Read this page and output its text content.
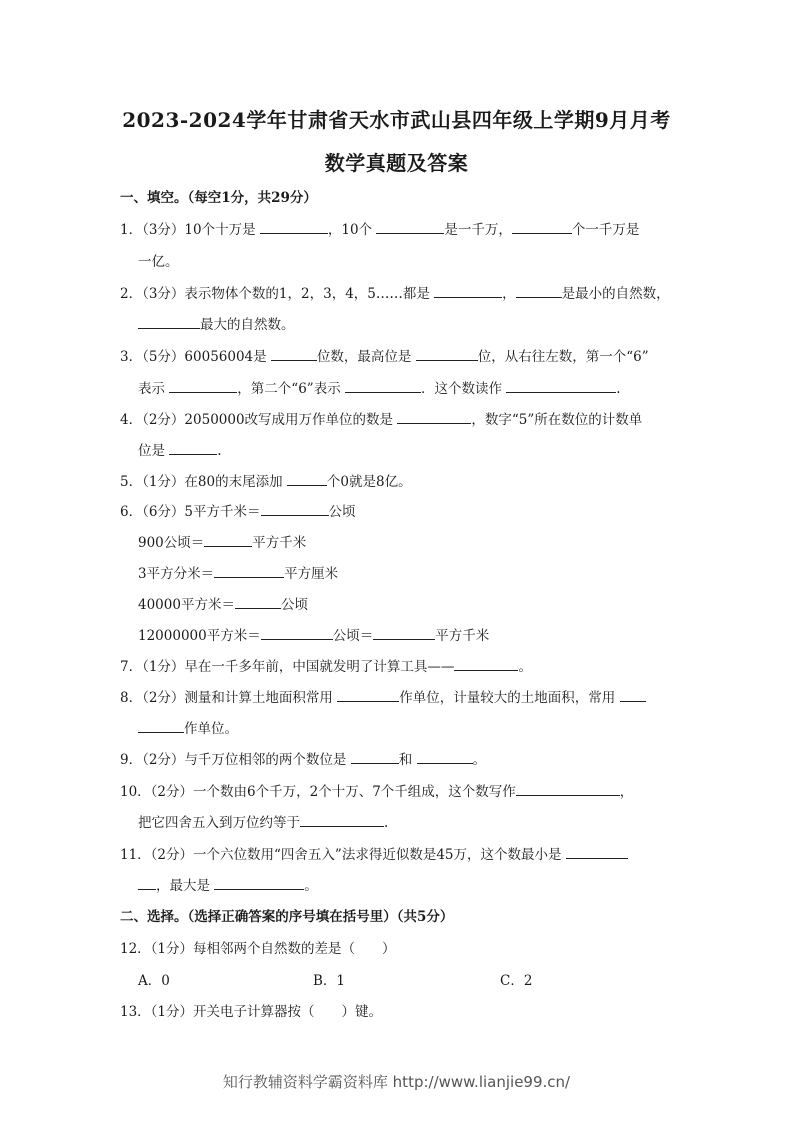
2023-2024学年甘肃省天水市武山县四年级上学期9月月考
数学真题及答案
一、填空。（每空1分，共29分）
1．（3分）10个十万是	，10个	是一千万，	个一千万是
一亿。
2．（3分）表示物体个数的1，2，3，4，5……都是	，	是最小的自然数，
最大的自然数。
3．（5分）60056004是	位数，最高位是	位，从右往左数，第一个“6”
表示	，第二个“6”表示	．这个数读作	.
4．（2分）2050000改写成用万作单位的数是	，数字“5”所在数位的计数单
位是	.
5．（1分）在80的末尾添加	个0就是8亿。
6．（6分）5平方千米＝	公顷
900公顷＝	平方千米
3平方分米＝	平方厘米
40000平方米＝	公顷
12000000平方米＝	公顷＝	平方千米
7．（1分）早在一千多年前，中国就发明了计算工具——	。
8．（2分）测量和计算土地面积常用	作单位，计量较大的土地面积，常用
作单位。
9．（2分）与千万位相邻的两个数位是	和	。
10．（2分）一个数由6个千万，2个十万、7个千组成，这个数写作	，
把它四舍五入到万位约等于	.
11．（2分）一个六位数用“四舍五入”法求得近似数是45万，这个数最小是
，最大是	。
二、选择。（选择正确答案的序号填在括号里）（共5分）
12．（1分）每相邻两个自然数的差是（　　）
A．0	B．1	C．2
13．（1分）开关电子计算器按（　　）键。
知行教辅资料学霸资料库 http://www.lianjie99.cn/
